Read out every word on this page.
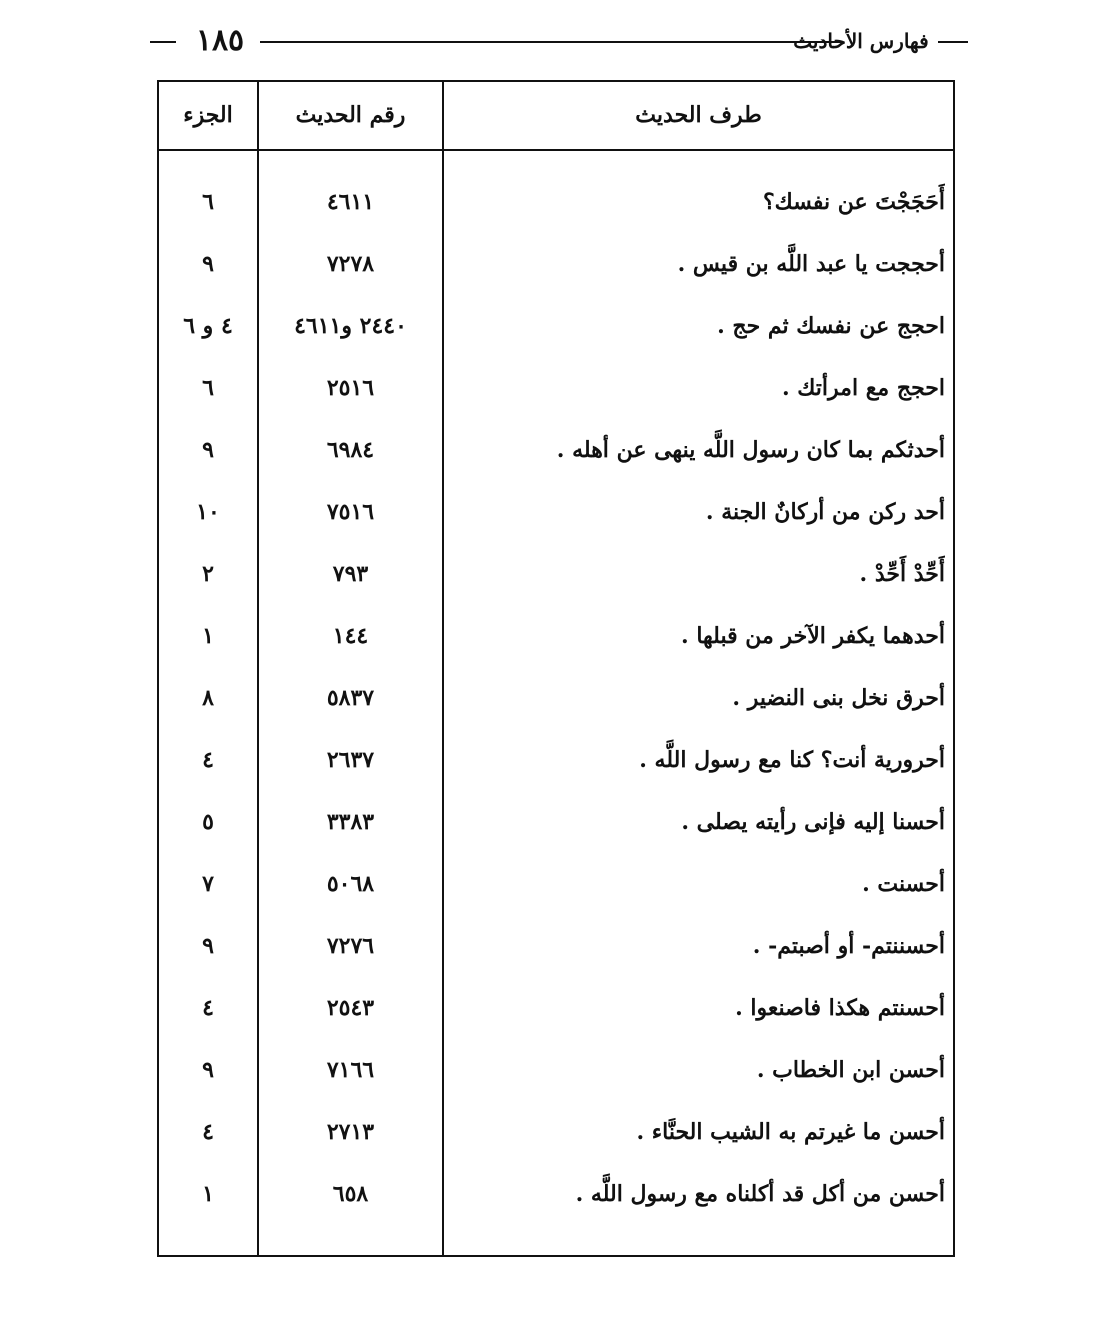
١٨٥	فهارس الأحاديث
الجزء	رقم الحديث	طرف الحديث
٦	٤٦١١	أَحَجَجْتَ عن نفسك؟
٩	٧٢٧٨	أحججت يا عبد اللَّه بن قيس .
٤ و ٦	٢٤٤٠ و٤٦١١	احجج عن نفسك ثم حج .
٦	٢٥١٦	احجج مع امرأتك .
٩	٦٩٨٤	أحدثكم بما كان رسول اللَّه ينهى عن أهله .
١٠	٧٥١٦	أحد ركن من أركانٌ الجنة .
٢	٧٩٣	أَحِّدْ أَحِّدْ .
١	١٤٤	أحدهما يكفر الآخر من قبلها .
٨	٥٨٣٧	أحرق نخل بنى النضير .
٤	٢٦٣٧	أحرورية أنت؟ كنا مع رسول اللَّه .
٥	٣٣٨٣	أحسنا إليه فإنى رأيته يصلى .
٧	٥٠٦٨	أحسنت .
٩	٧٢٧٦	أحسننتم- أو أصبتم- .
٤	٢٥٤٣	أحسنتم هكذا فاصنعوا .
٩	٧١٦٦	أحسن ابن الخطاب .
٤	٢٧١٣	أحسن ما غيرتم به الشيب الحنَّاء .
١	٦٥٨	أحسن من أكل قد أكلناه مع رسول اللَّه .
